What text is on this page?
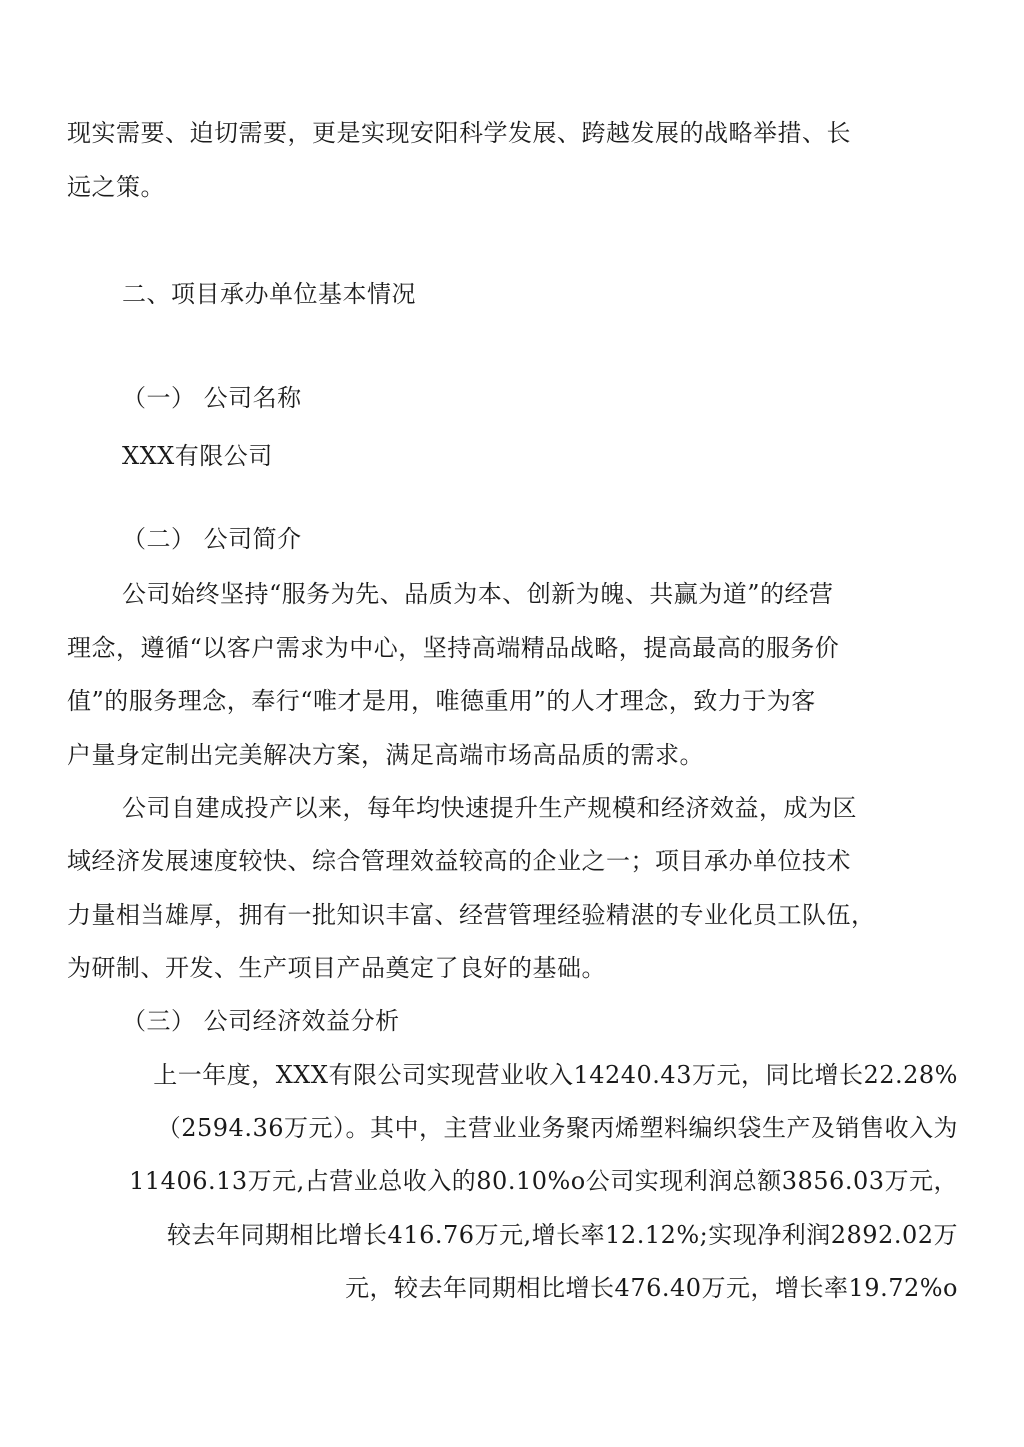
现实需要、迫切需要，更是实现安阳科学发展、跨越发展的战略举措、长
远之策。
二、项目承办单位基本情况
（一） 公司名称
XXX有限公司
（二） 公司简介
公司始终坚持“服务为先、品质为本、创新为魄、共赢为道”的经营
理念，遵循“以客户需求为中心，坚持高端精品战略，提高最高的服务价
值”的服务理念，奉行“唯才是用，唯德重用”的人才理念，致力于为客
户量身定制出完美解决方案，满足高端市场高品质的需求。
公司自建成投产以来，每年均快速提升生产规模和经济效益，成为区
域经济发展速度较快、综合管理效益较高的企业之一；项目承办单位技术
力量相当雄厚，拥有一批知识丰富、经营管理经验精湛的专业化员工队伍，
为研制、开发、生产项目产品奠定了良好的基础。
（三） 公司经济效益分析
上一年度，XXX有限公司实现营业收入14240.43万元，同比增长22.28%
（2594.36万元）。其中，主营业业务聚丙烯塑料编织袋生产及销售收入为
11406.13万元,占营业总收入的80.10%o公司实现利润总额3856.03万元，
较去年同期相比增长416.76万元,增长率12.12%;实现净利润2892.02万
元，较去年同期相比增长476.40万元，增长率19.72%o
